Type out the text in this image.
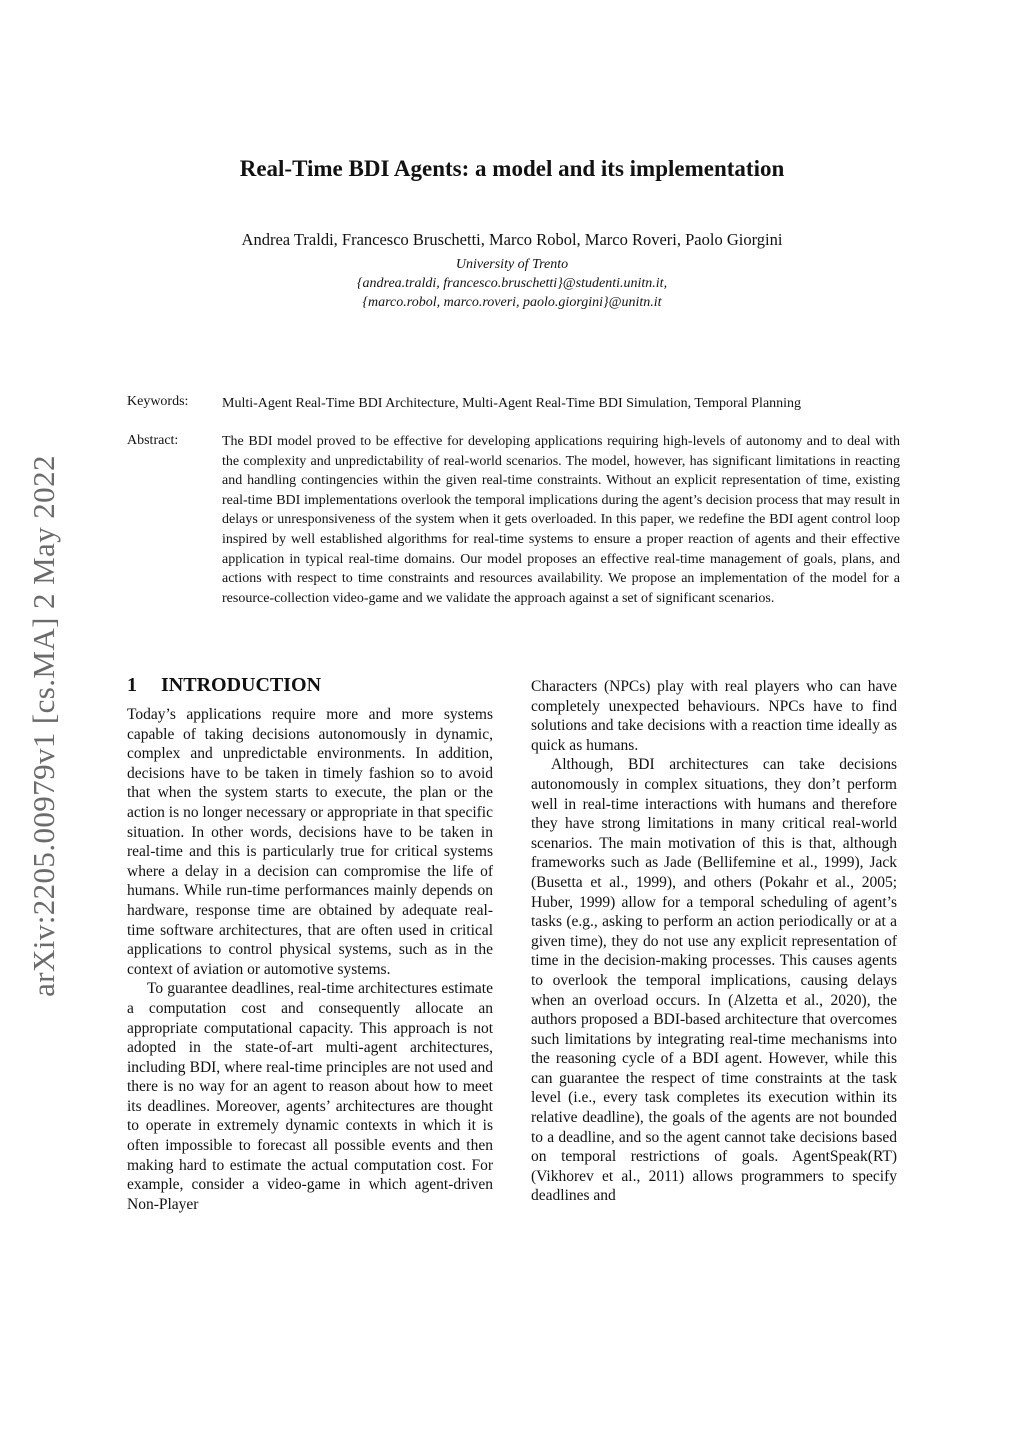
arXiv:2205.00979v1 [cs.MA] 2 May 2022
Real-Time BDI Agents: a model and its implementation
Andrea Traldi, Francesco Bruschetti, Marco Robol, Marco Roveri, Paolo Giorgini
University of Trento
{andrea.traldi, francesco.bruschetti}@studenti.unitn.it,
{marco.robol, marco.roveri, paolo.giorgini}@unitn.it
Keywords: Multi-Agent Real-Time BDI Architecture, Multi-Agent Real-Time BDI Simulation, Temporal Planning
Abstract:	The BDI model proved to be effective for developing applications requiring high-levels of autonomy and to deal with the complexity and unpredictability of real-world scenarios. The model, however, has significant limitations in reacting and handling contingencies within the given real-time constraints. Without an explicit representation of time, existing real-time BDI implementations overlook the temporal implications during the agent’s decision process that may result in delays or unresponsiveness of the system when it gets overloaded. In this paper, we redefine the BDI agent control loop inspired by well established algorithms for real-time systems to ensure a proper reaction of agents and their effective application in typical real-time domains. Our model proposes an effective real-time management of goals, plans, and actions with respect to time constraints and resources availability. We propose an implementation of the model for a resource-collection video-game and we validate the approach against a set of significant scenarios.
1 INTRODUCTION

Today’s applications require more and more systems capable of taking decisions autonomously in dynamic, complex and unpredictable environments. In addition, decisions have to be taken in timely fashion so to avoid that when the system starts to execute, the plan or the action is no longer necessary or appropriate in that specific situation. In other words, decisions have to be taken in real-time and this is particularly true for critical systems where a delay in a decision can compromise the life of humans. While run-time performances mainly depends on hardware, response time are obtained by adequate real-time software architectures, that are often used in critical applications to control physical systems, such as in the context of aviation or automotive systems.

To guarantee deadlines, real-time architectures estimate a computation cost and consequently allocate an appropriate computational capacity. This approach is not adopted in the state-of-art multi-agent architectures, including BDI, where real-time principles are not used and there is no way for an agent to reason about how to meet its deadlines. Moreover, agents’ architectures are thought to operate in extremely dynamic contexts in which it is often impossible to forecast all possible events and then making hard to estimate the actual computation cost. For example, consider a video-game in which agent-driven Non-Player

Characters (NPCs) play with real players who can have completely unexpected behaviours. NPCs have to find solutions and take decisions with a reaction time ideally as quick as humans.

Although, BDI architectures can take decisions autonomously in complex situations, they don’t perform well in real-time interactions with humans and therefore they have strong limitations in many critical real-world scenarios. The main motivation of this is that, although frameworks such as Jade (Bellifemine et al., 1999), Jack (Busetta et al., 1999), and others (Pokahr et al., 2005; Huber, 1999) allow for a temporal scheduling of agent’s tasks (e.g., asking to perform an action periodically or at a given time), they do not use any explicit representation of time in the decision-making processes. This causes agents to overlook the temporal implications, causing delays when an overload occurs. In (Alzetta et al., 2020), the authors proposed a BDI-based architecture that overcomes such limitations by integrating real-time mechanisms into the reasoning cycle of a BDI agent. However, while this can guarantee the respect of time constraints at the task level (i.e., every task completes its execution within its relative deadline), the goals of the agents are not bounded to a deadline, and so the agent cannot take decisions based on temporal restrictions of goals. AgentSpeak(RT) (Vikhorev et al., 2011) allows programmers to specify deadlines and
